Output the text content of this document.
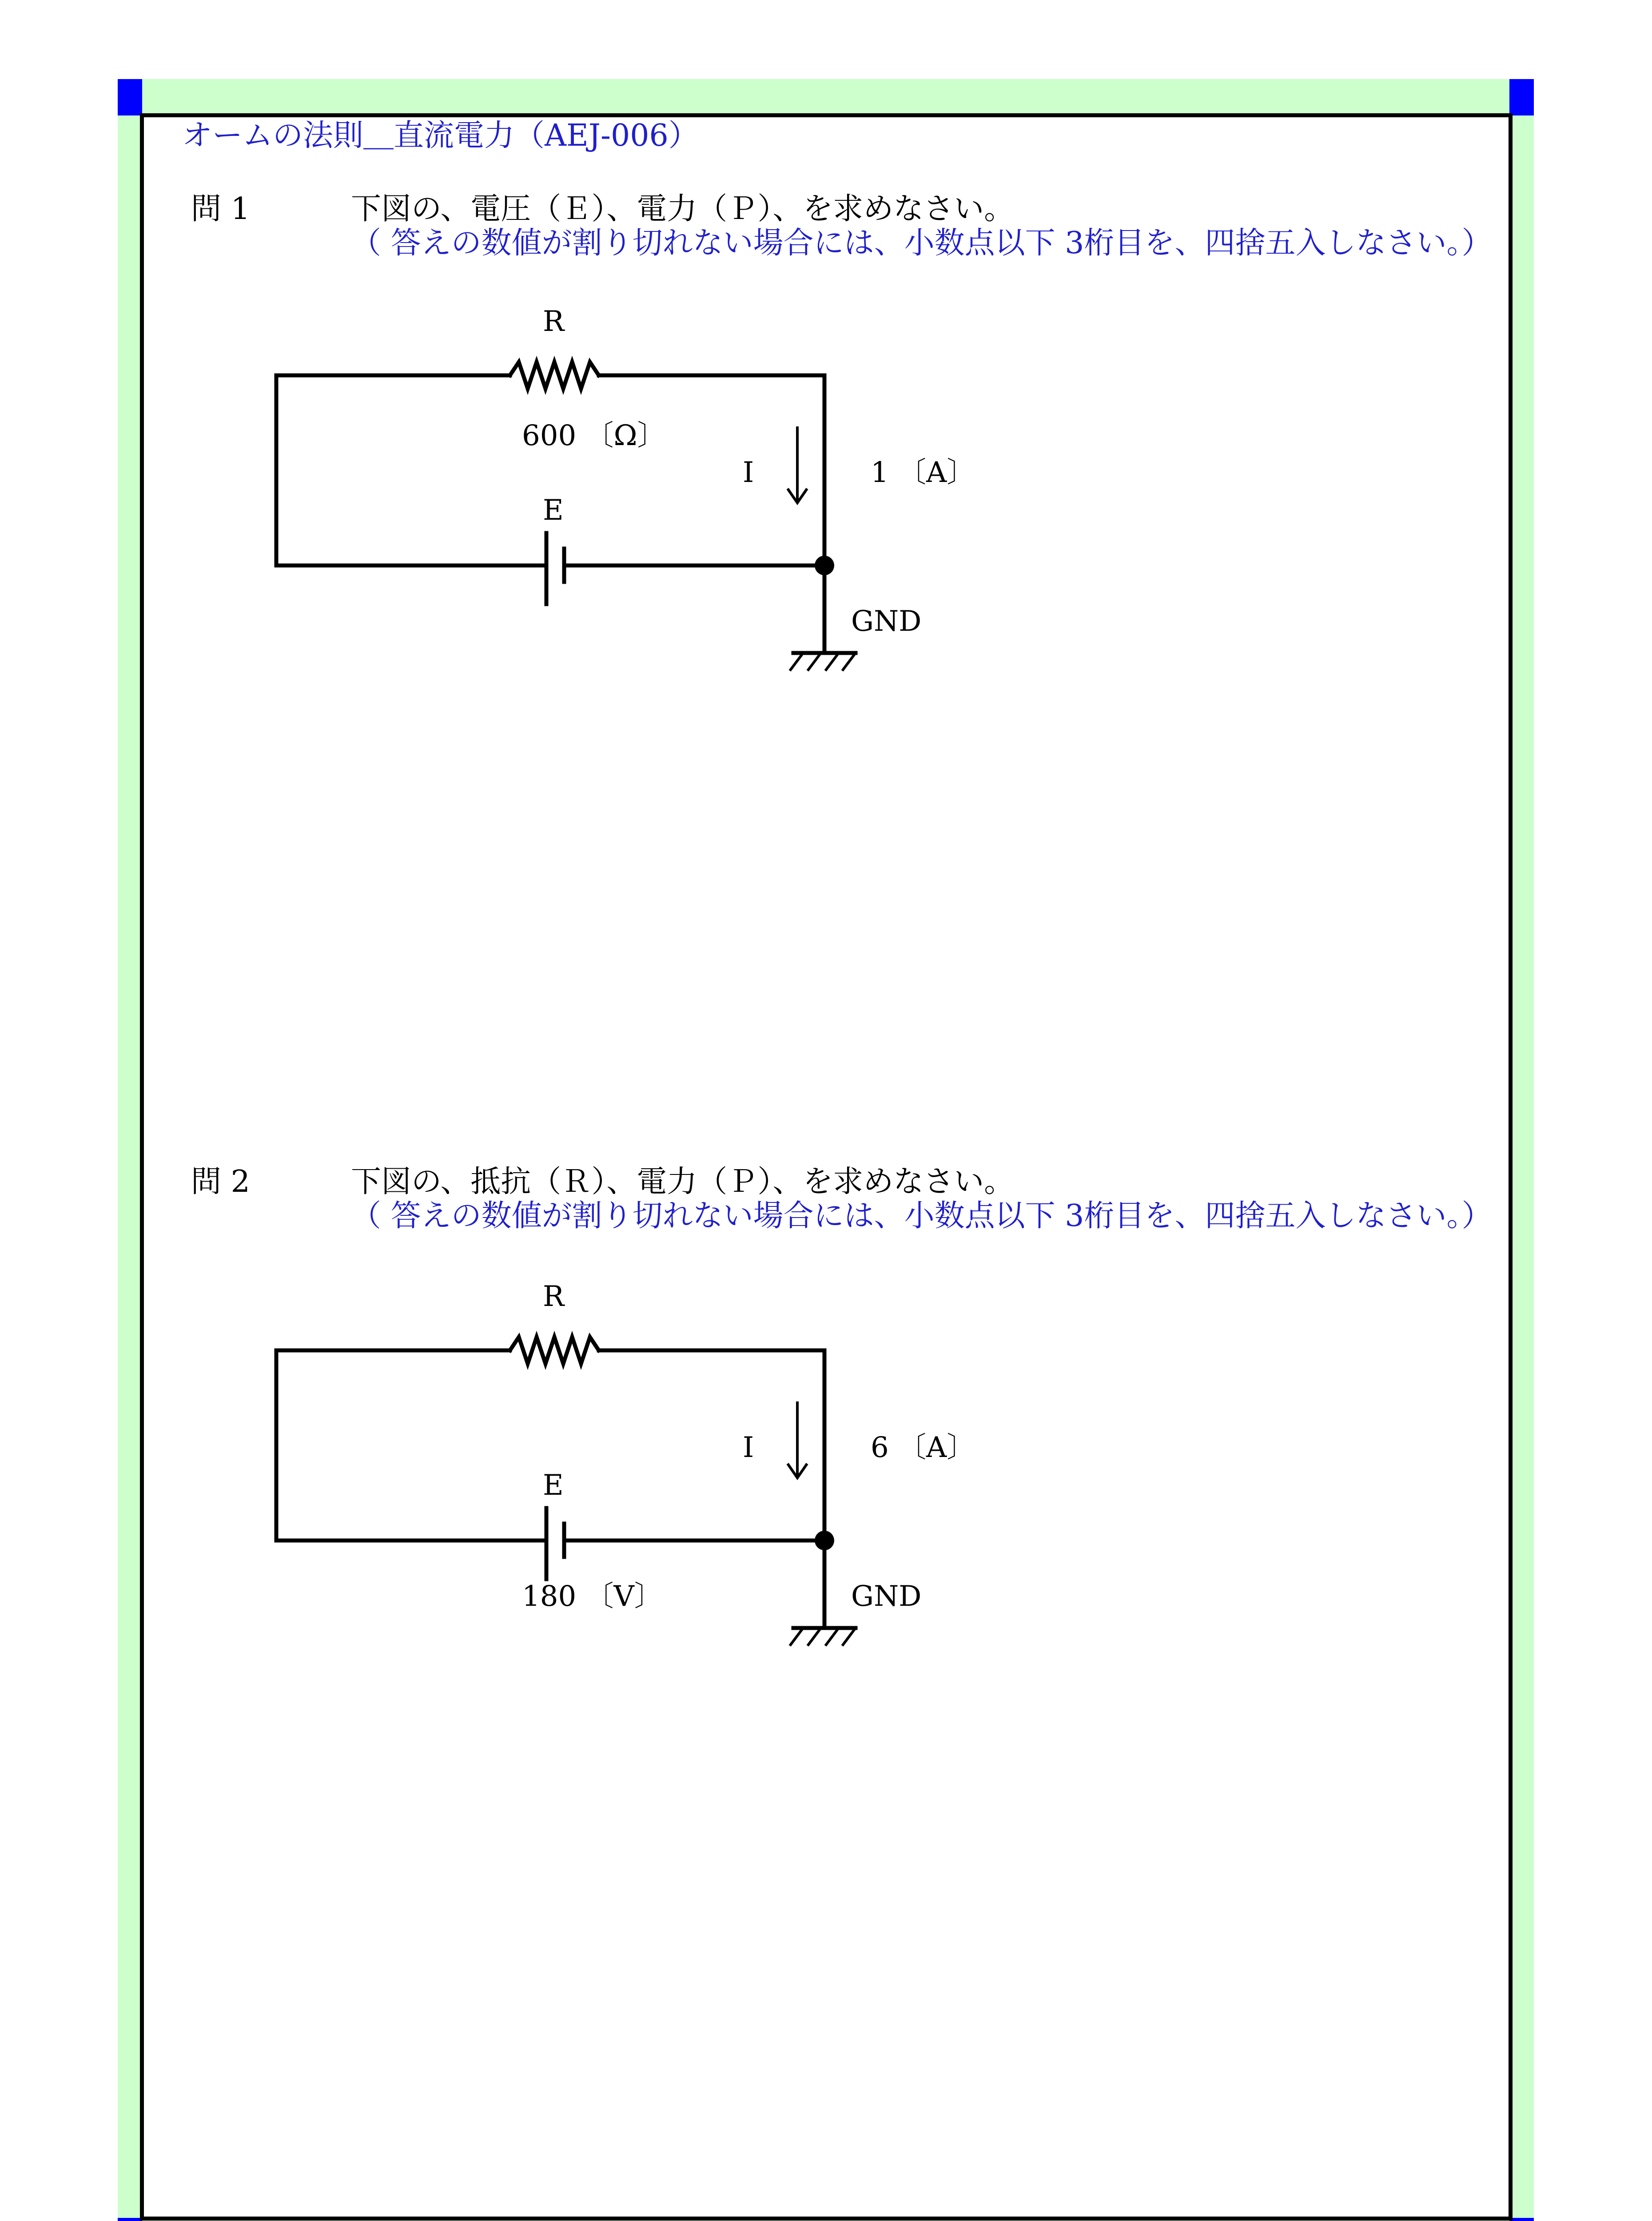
オームの法則＿直流電力（AEJ-006）
問 1	下図の、電圧（Ｅ）、電力（Ｐ）、を求めなさい。
（ 答えの数値が割り切れない場合には、小数点以下 3桁目を、四捨五入しなさい。）
R
600 〔Ω〕
I	1 〔A〕
E
GND
問 2	下図の、抵抗（Ｒ）、電力（Ｐ）、を求めなさい。
（ 答えの数値が割り切れない場合には、小数点以下 3桁目を、四捨五入しなさい。）
R
I	6 〔A〕
E
180 〔V〕	GND
